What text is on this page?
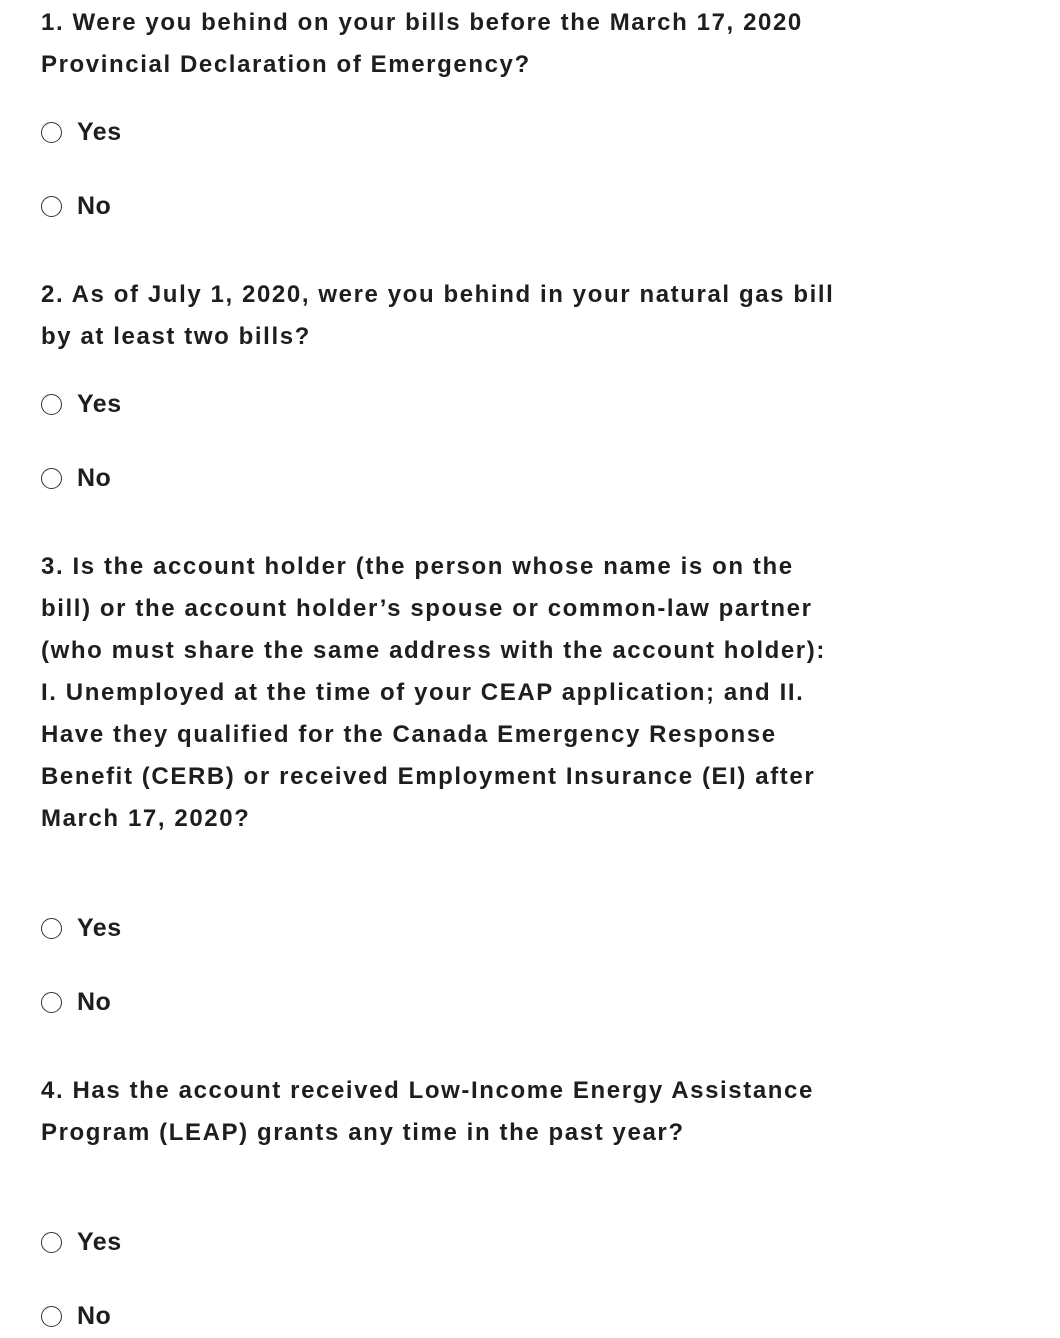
1. Were you behind on your bills before the March 17, 2020 Provincial Declaration of Emergency?

Yes
No

2. As of July 1, 2020, were you behind in your natural gas bill by at least two bills?

Yes
No

3. Is the account holder (the person whose name is on the bill) or the account holder’s spouse or common-law partner (who must share the same address with the account holder): I. Unemployed at the time of your CEAP application; and II. Have they qualified for the Canada Emergency Response Benefit (CERB) or received Employment Insurance (EI) after March 17, 2020?

Yes
No

4. Has the account received Low-Income Energy Assistance Program (LEAP) grants any time in the past year?

Yes
No
